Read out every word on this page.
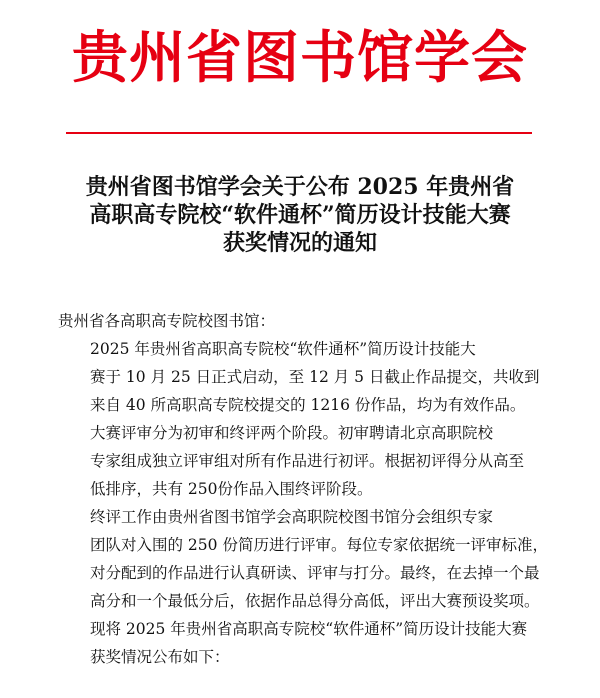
贵州省图书馆学会
贵州省图书馆学会关于公布 2025 年贵州省
高职高专院校“软件通杯”简历设计技能大赛
获奖情况的通知

贵州省各高职高专院校图书馆：

2025 年贵州省高职高专院校“软件通杯”简历设计技能大
赛于 10 月 25 日正式启动，至 12 月 5 日截止作品提交，共收到
来自 40 所高职高专院校提交的 1216 份作品，均为有效作品。

大赛评审分为初审和终评两个阶段。初审聘请北京高职院校
专家组成独立评审组对所有作品进行初评。根据初评得分从高至
低排序，共有 250份作品入围终评阶段。

终评工作由贵州省图书馆学会高职院校图书馆分会组织专家
团队对入围的 250 份简历进行评审。每位专家依据统一评审标准，
对分配到的作品进行认真研读、评审与打分。最终，在去掉一个最
高分和一个最低分后，依据作品总得分高低，评出大赛预设奖项。
现将 2025 年贵州省高职高专院校“软件通杯”简历设计技能大赛
获奖情况公布如下：
